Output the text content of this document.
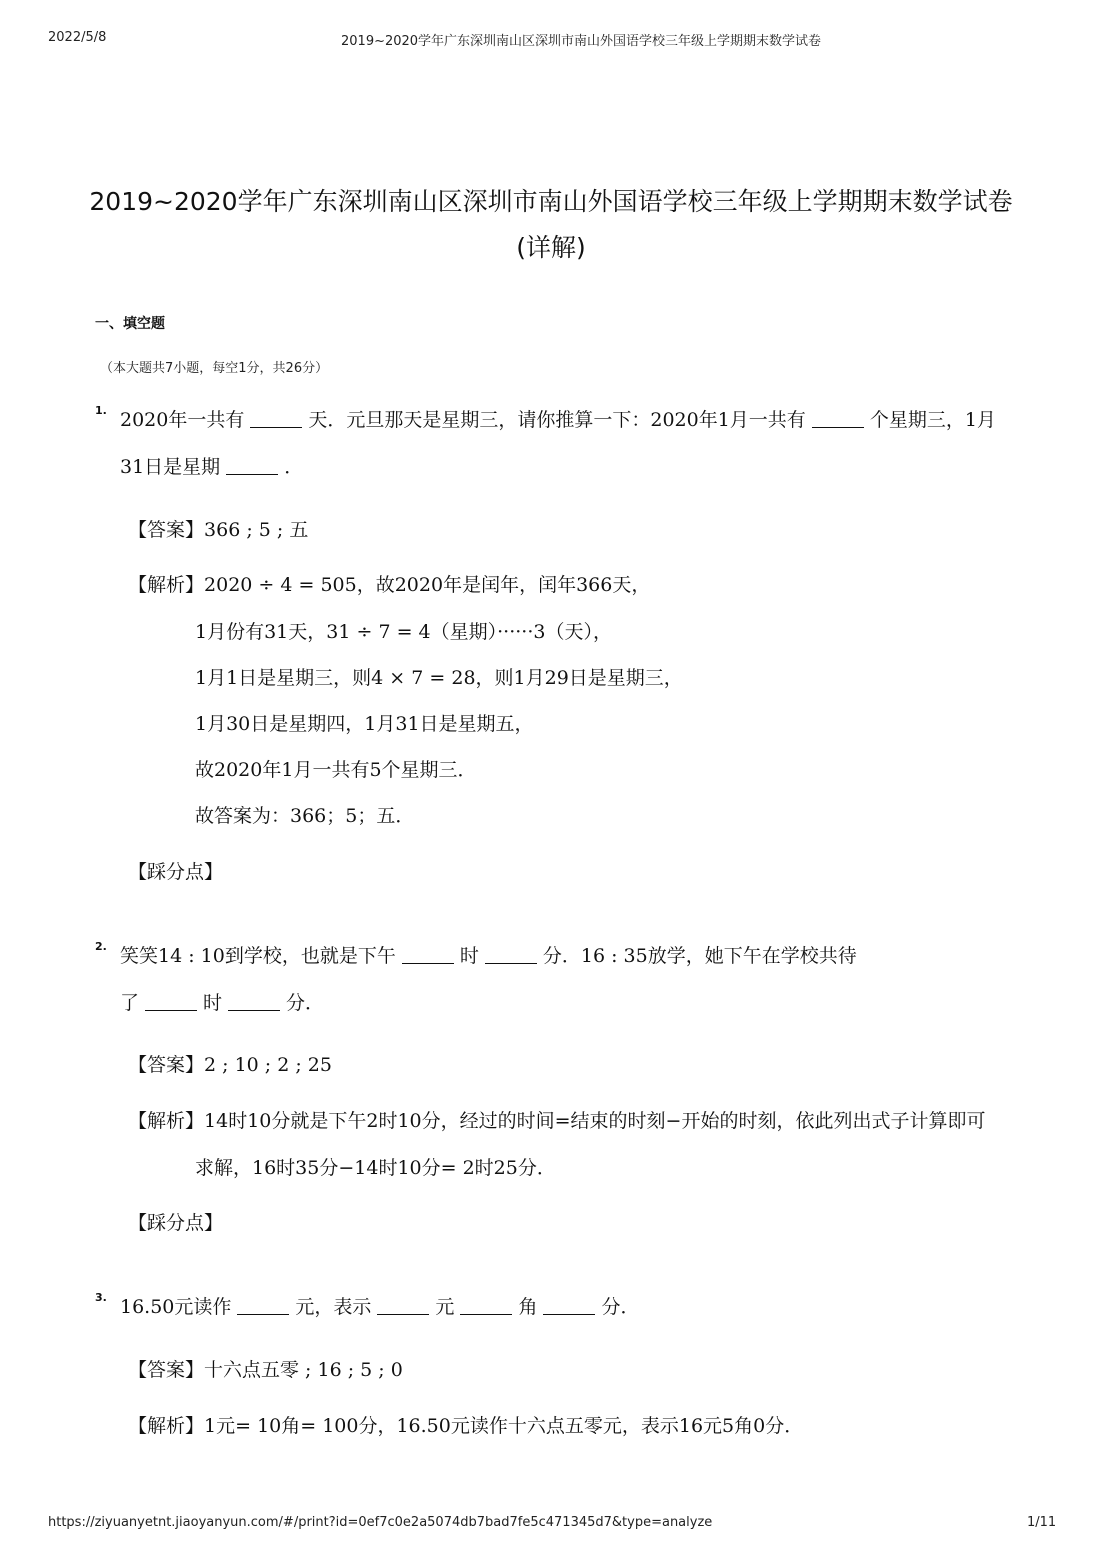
2022/5/8	2019~2020学年广东深圳南山区深圳市南山外国语学校三年级上学期期末数学试卷
2019~2020学年广东深圳南山区深圳市南山外国语学校三年级上学期期末数学试卷
(详解)
一、填空题
（本大题共7小题，每空1分，共26分）
1. 2020年一共有	天．元旦那天是星期三，请你推算一下：2020年1月一共有	个星期三，1月
31日是星期	．
【答案】366 ; 5 ; 五
【解析】2020 ÷ 4 = 505，故2020年是闰年，闰年366天，
1月份有31天，31 ÷ 7 = 4（星期）······3（天），
1月1日是星期三，则4 × 7 = 28，则1月29日是星期三，
1月30日是星期四，1月31日是星期五，
故2020年1月一共有5个星期三．
故答案为：366；5；五．
【踩分点】
2. 笑笑14 : 10到学校，也就是下午	时	分．16 : 35放学，她下午在学校共待
了	时	分．
【答案】2 ; 10 ; 2 ; 25
【解析】14时10分就是下午2时10分，经过的时间=结束的时刻−开始的时刻，依此列出式子计算即可
求解，16时35分−14时10分= 2时25分．
【踩分点】
3. 16.50元读作	元，表示	元	角	分．
【答案】十六点五零 ; 16 ; 5 ; 0
【解析】1元= 10角= 100分，16.50元读作十六点五零元，表示16元5角0分．
https://ziyuanyetnt.jiaoyanyun.com/#/print?id=0ef7c0e2a5074db7bad7fe5c471345d7&type=analyze	1/11
